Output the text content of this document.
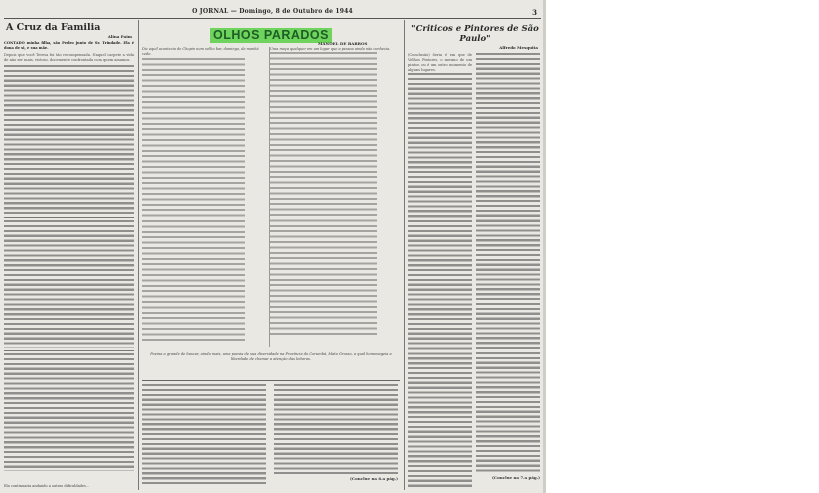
O JORNAL — Domingo, 8 de Outubro de 1944	3
A Cruz da Familia
Alina Paim

CONTADO minha filha, são Pedro junto de Sr. Trindade. Ela é dona de si, e sua mãe.

Depois que você Teresa foi tão recompensada. Naquel carpete a vida de não ser mais, vistoso, docemente confrontada com quem amamos.

Ela continuaria andando a outras dificuldades...
OLHOS PARADOS
MANOEL DE BARROS
Diz aquil acontecia de Chopin num velho bar, domingo, de manhã cedo.
Uma moça qualquer em um lugar que a pessoa ainda não conhecia.
Poema a grande de buscar, ainda mais, uma poesia de sua diversidade na Província do Corumbá, Mato Grosso, a qual homenageia a liberdade de chamar a atenção das leitoras.
(Conclue na 6.a pág.)
"Criticos e Pintores de São Paulo"
Alfredo Mesquita
(Conclusão) Seria é em que de Velhos Pintores, o mesmo de um pintor, ou é um outro momento de alguns lugares.
(Conclue na 7.a pág.)
